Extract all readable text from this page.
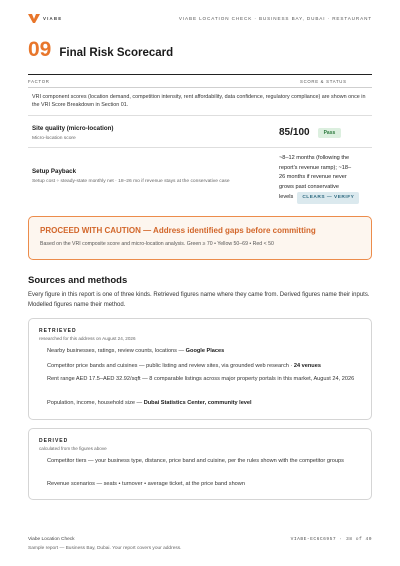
VIABE	VIABE LOCATION CHECK · BUSINESS BAY, DUBAI · RESTAURANT
09 Final Risk Scorecard
FACTOR	SCORE & STATUS

VRI component scores (location demand, competition intensity, rent affordability, data confidence, regulatory compliance) are shown once in the VRI Score Breakdown in Section 01.

Site quality (micro-location)
Micro-location score
85/100	Pass
Setup Payback
Setup cost ÷ steady-state monthly net · 18–26 mo if revenue stays at the conservative case
~8–12 months (following the
report's revenue ramp); ~18–
26 months if revenue never
grows past conservative
levels CLEARS — VERIFY
PROCEED WITH CAUTION — Address identified gaps before committing
Based on the VRI composite score and micro-location analysis. Green ≥ 70 • Yellow 50–69 • Red < 50
Sources and methods

Every figure in this report is one of three kinds. Retrieved figures name where they came from. Derived figures name their inputs. Modelled figures name their method.

RETRIEVED
researched for this address on August 24, 2026
Nearby businesses, ratings, review counts, locations — Google Places
Competitor price bands and cuisines — public listing and review sites, via grounded web research · 24 venues
Rent range AED 17.5–AED 32.92/sqft — 8 comparable listings across major property portals in this market, August 24, 2026
Population, income, household size — Dubai Statistics Center, community level
DERIVED
calculated from the figures above
Competitor tiers — your business type, distance, price band and cuisine, per the rules shown with the competitor groups
Revenue scenarios — seats • turnover • average ticket, at the price band shown
Viabe Location Check
Sample report — Business Bay, Dubai. Your report covers your address.
VIABE-EC6C6957 · 38 of 40
